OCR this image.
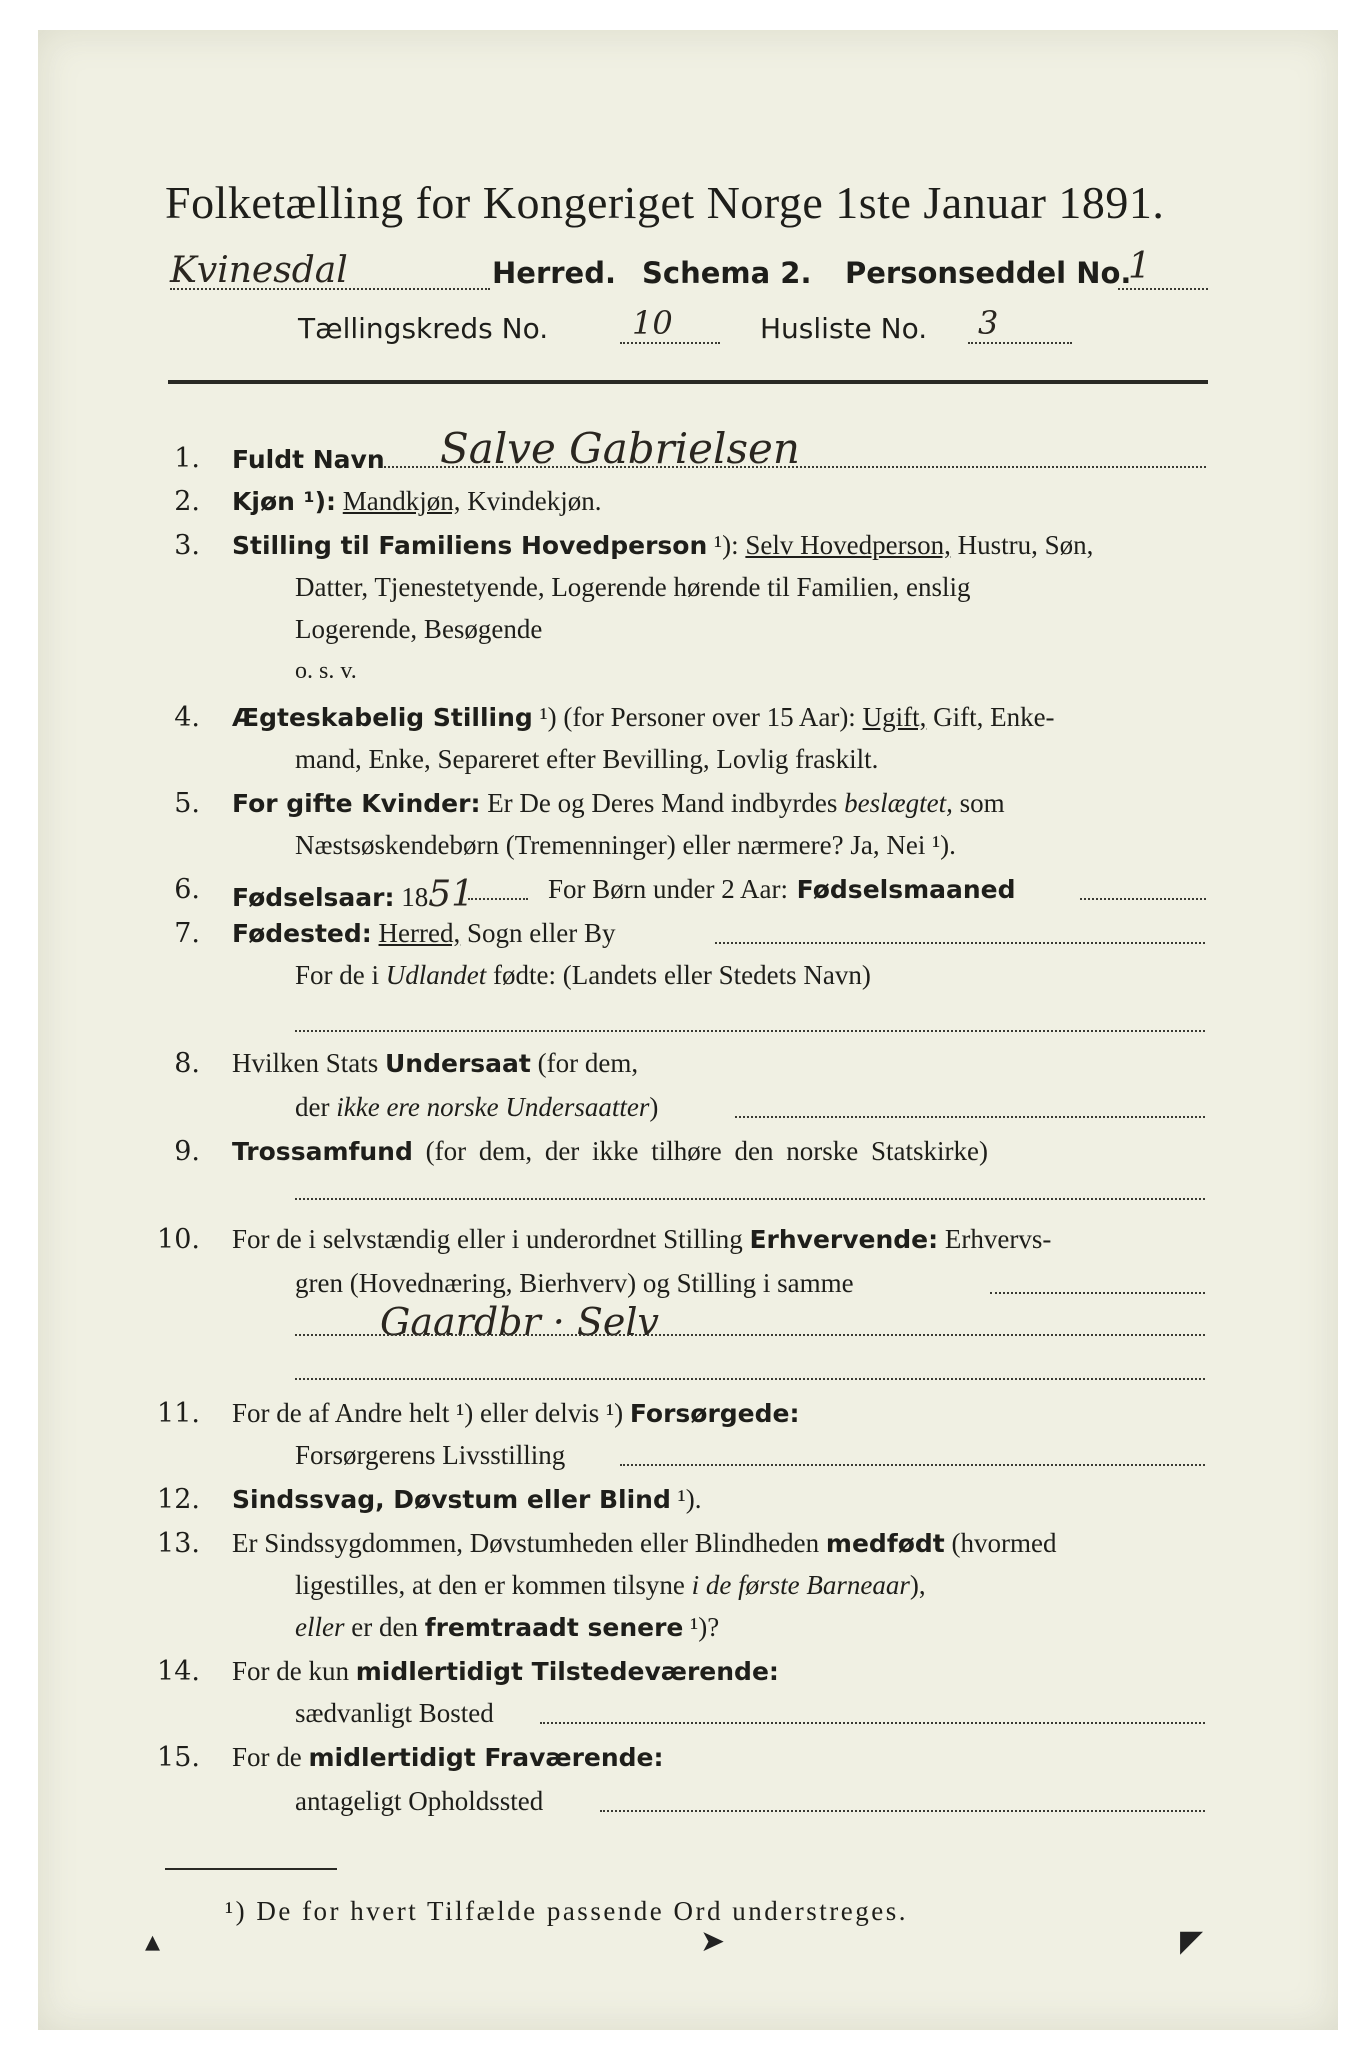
Folketælling for Kongeriget Norge 1ste Januar 1891.
Kvinesdal	Herred. Schema 2. Personseddel No.
1
Tællingskreds No.	10	Husliste No. 3
1. Fuldt Navn Salve Gabrielsen
2. Kjøn ¹): Mandkjøn, Kvindekjøn.
3. Stilling til Familiens Hovedperson ¹): Selv Hovedperson, Hustru, Søn,
Datter, Tjenestetyende, Logerende hørende til Familien, enslig
Logerende, Besøgende
o. s. v.
4. Ægteskabelig Stilling ¹) (for Personer over 15 Aar): Ugift, Gift, Enke-
mand, Enke, Separeret efter Bevilling, Lovlig fraskilt.
5. For gifte Kvinder: Er De og Deres Mand indbyrdes beslægtet, som
Næstsøskendebørn (Tremenninger) eller nærmere? Ja, Nei ¹).
6. Fødselsaar: 1851	For Børn under 2 Aar: Fødselsmaaned
7. Fødested: Herred, Sogn eller By
For de i Udlandet fødte: (Landets eller Stedets Navn)
8. Hvilken Stats Undersaat (for dem,
der ikke ere norske Undersaatter)
9. Trossamfund (for dem, der ikke tilhøre den norske Statskirke)
10. For de i selvstændig eller i underordnet Stilling Erhvervende: Erhvervs-
gren (Hovednæring, Bierhverv) og Stilling i samme
Gaardbr · Selv
11. For de af Andre helt ¹) eller delvis ¹) Forsørgede:
Forsørgerens Livsstilling
12. Sindssvag, Døvstum eller Blind ¹).
13. Er Sindssygdommen, Døvstumheden eller Blindheden medfødt (hvormed
ligestilles, at den er kommen tilsyne i de første Barneaar),
eller er den fremtraadt senere ¹)?
14. For de kun midlertidigt Tilstedeværende:
sædvanligt Bosted
15. For de midlertidigt Fraværende:
antageligt Opholdssted
¹) De for hvert Tilfælde passende Ord understreges.
▴	➤	◤
